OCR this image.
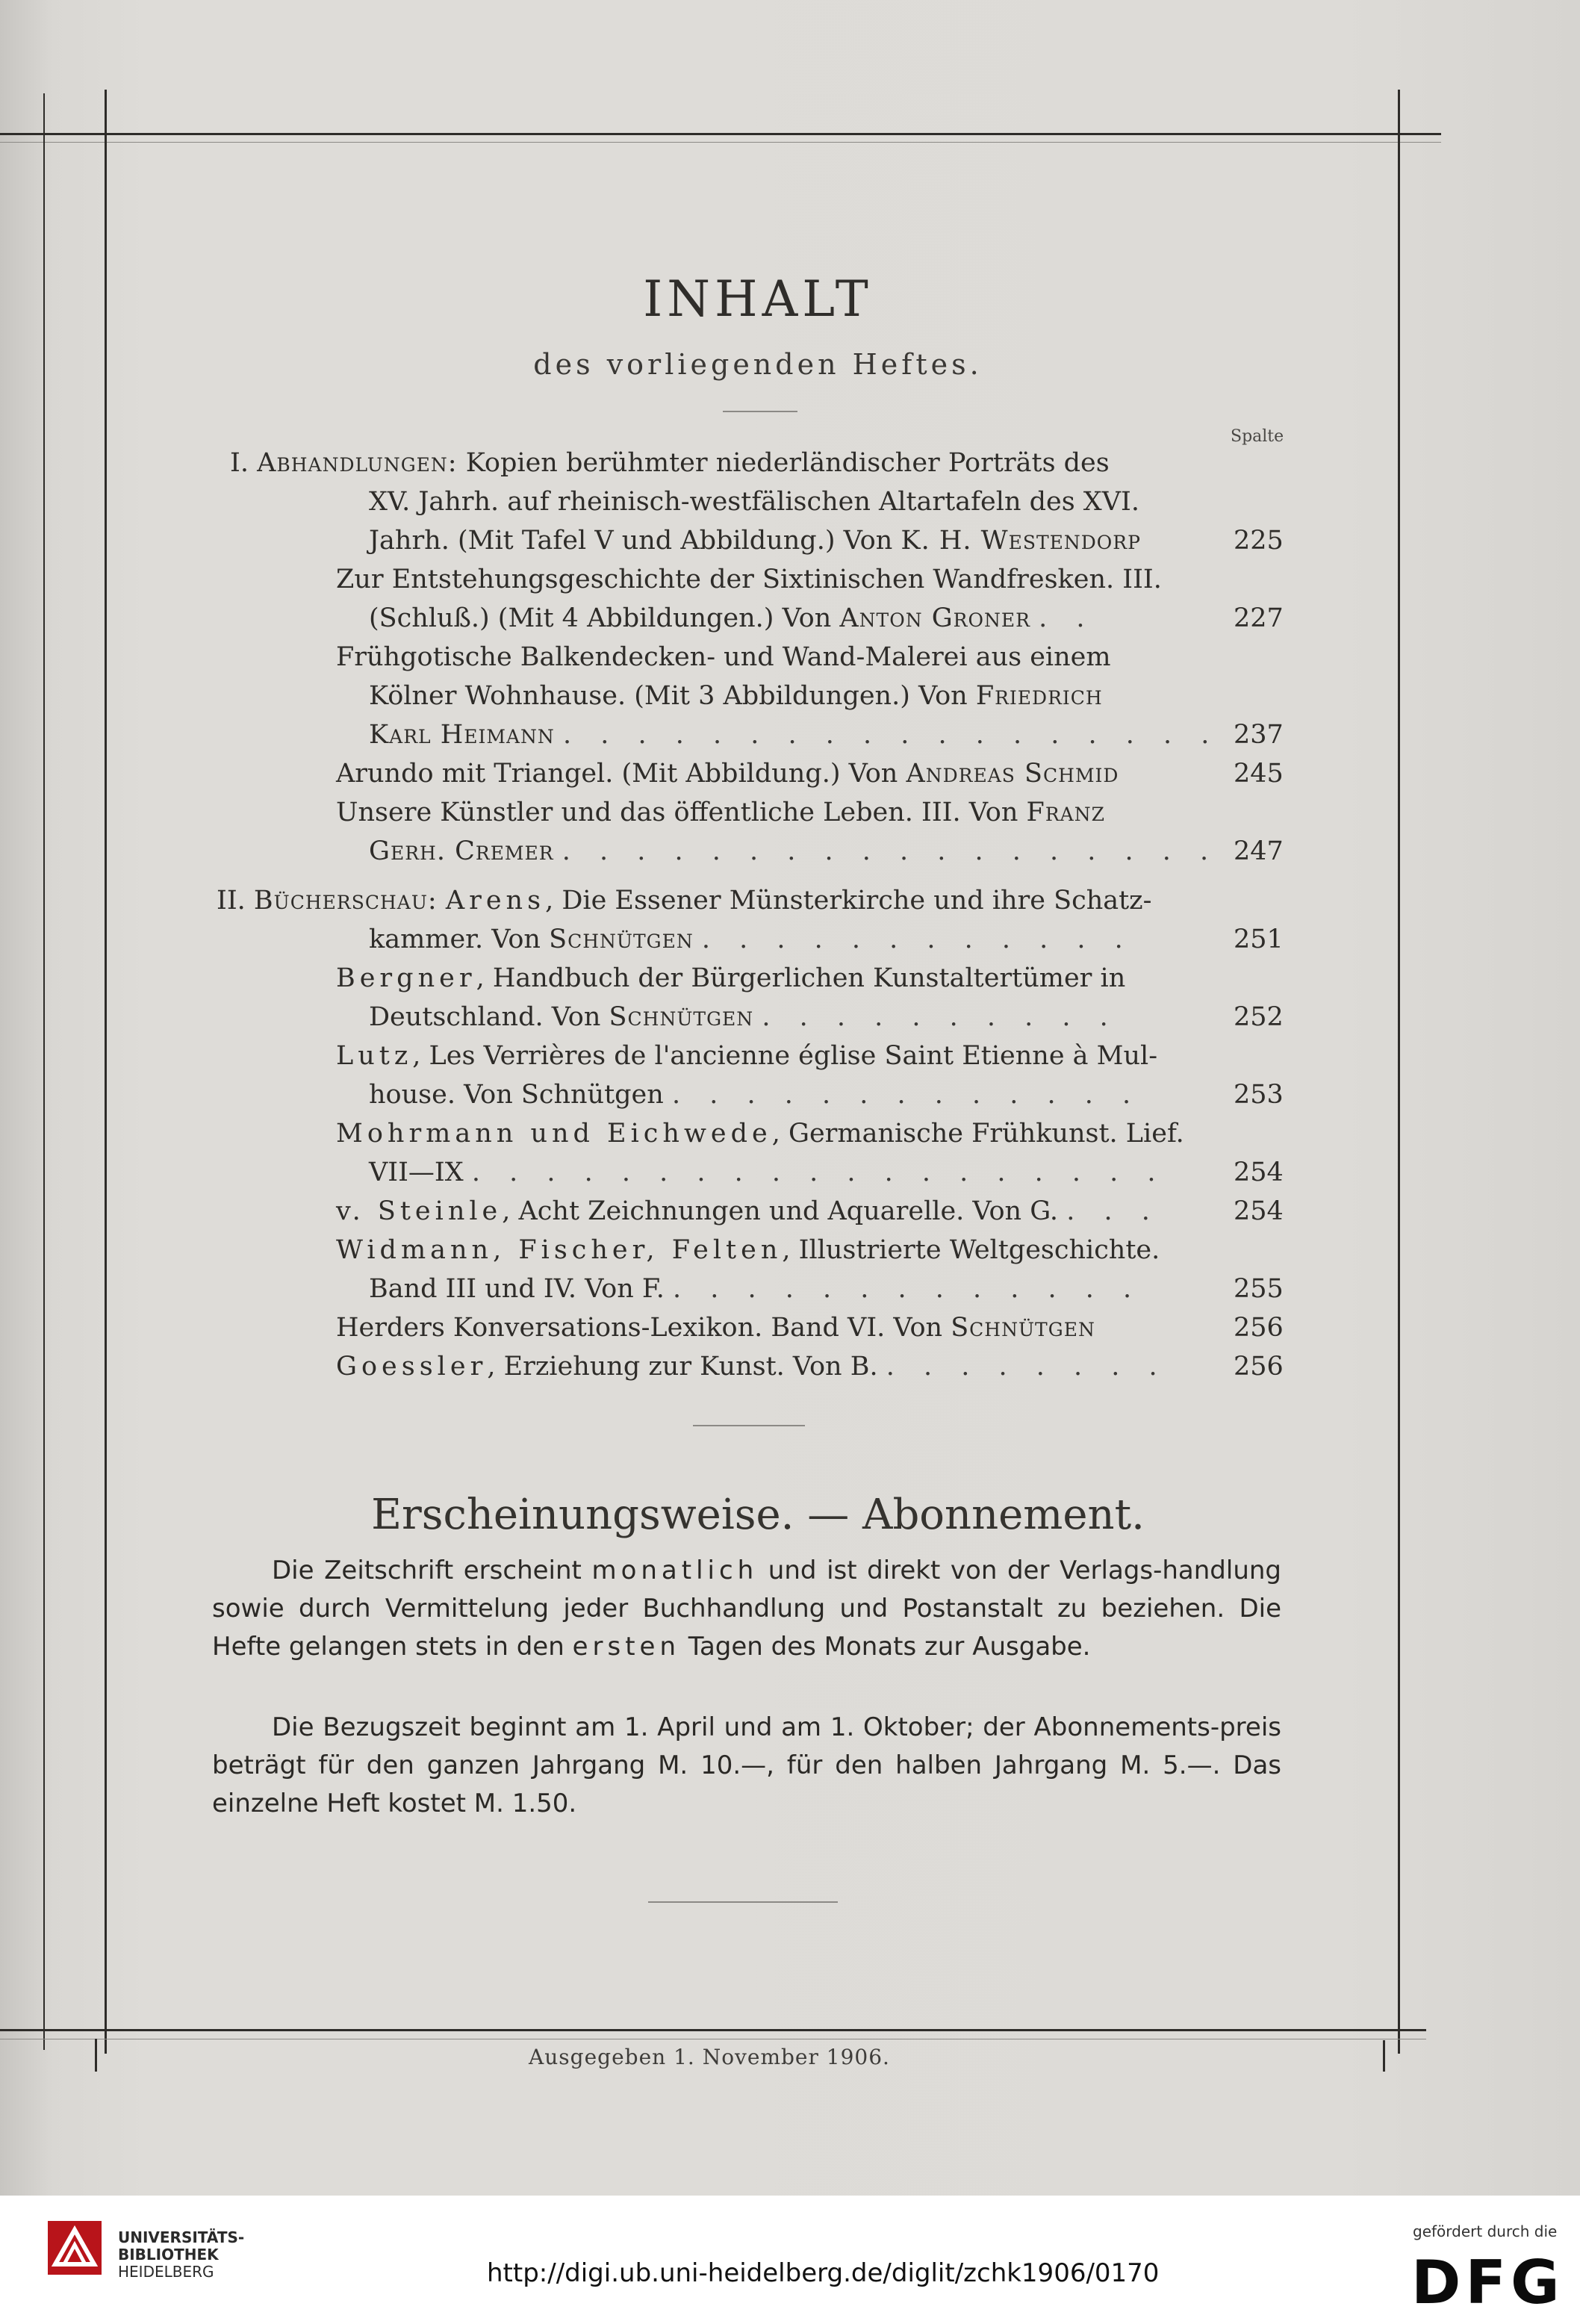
INHALT
des vorliegenden Heftes.
Spalte
I. Abhandlungen: Kopien berühmter niederländischer Porträts des
XV. Jahrh. auf rheinisch-westfälischen Altartafeln des XVI.
Jahrh. (Mit Tafel V und Abbildung.) Von K. H. Westendorp	225
Zur Entstehungsgeschichte der Sixtinischen Wandfresken. III.
(Schluß.) (Mit 4 Abbildungen.) Von Anton Groner . .	227
Frühgotische Balkendecken- und Wand-Malerei aus einem
Kölner Wohnhause. (Mit 3 Abbildungen.) Von Friedrich
Karl Heimann . . . . . . . . . . . . . . . . . . 237
Arundo mit Triangel. (Mit Abbildung.) Von Andreas Schmid	245
Unsere Künstler und das öffentliche Leben. III. Von Franz
Gerh. Cremer . . . . . . . . . . . . . . . . . . 247
II. Bücherschau: Arens, Die Essener Münsterkirche und ihre Schatz-
kammer. Von Schnütgen . . . . . . . . . . . .	251
Bergner, Handbuch der Bürgerlichen Kunstaltertümer in
Deutschland. Von Schnütgen . . . . . . . . . .	252
Lutz, Les Verrières de l'ancienne église Saint Etienne à Mul-
house. Von Schnütgen . . . . . . . . . . . . .	253
Mohrmann und Eichwede, Germanische Frühkunst. Lief.
VII—IX . . . . . . . . . . . . . . . . . . .	254
v. Steinle, Acht Zeichnungen und Aquarelle. Von G. . . .	254
Widmann, Fischer, Felten, Illustrierte Weltgeschichte.
Band III und IV. Von F. . . . . . . . . . . . . .	255
Herders Konversations-Lexikon. Band VI. Von Schnütgen	256
Goessler, Erziehung zur Kunst. Von B. . . . . . . . .	256
Erscheinungsweise. — Abonnement.
Die Zeitschrift erscheint monatlich und ist direkt von der Verlags-handlung sowie durch Vermittelung jeder Buchhandlung und Postanstalt zu beziehen. Die Hefte gelangen stets in den ersten Tagen des Monats zur Ausgabe.
Die Bezugszeit beginnt am 1. April und am 1. Oktober; der Abonnements-preis beträgt für den ganzen Jahrgang M. 10.—, für den halben Jahrgang M. 5.—. Das einzelne Heft kostet M. 1.50.
Ausgegeben 1. November 1906.
UNIVERSITÄTS-
BIBLIOTHEK
HEIDELBERG	http://digi.ub.uni-heidelberg.de/diglit/zchk1906/0170
gefördert durch die
DFG
